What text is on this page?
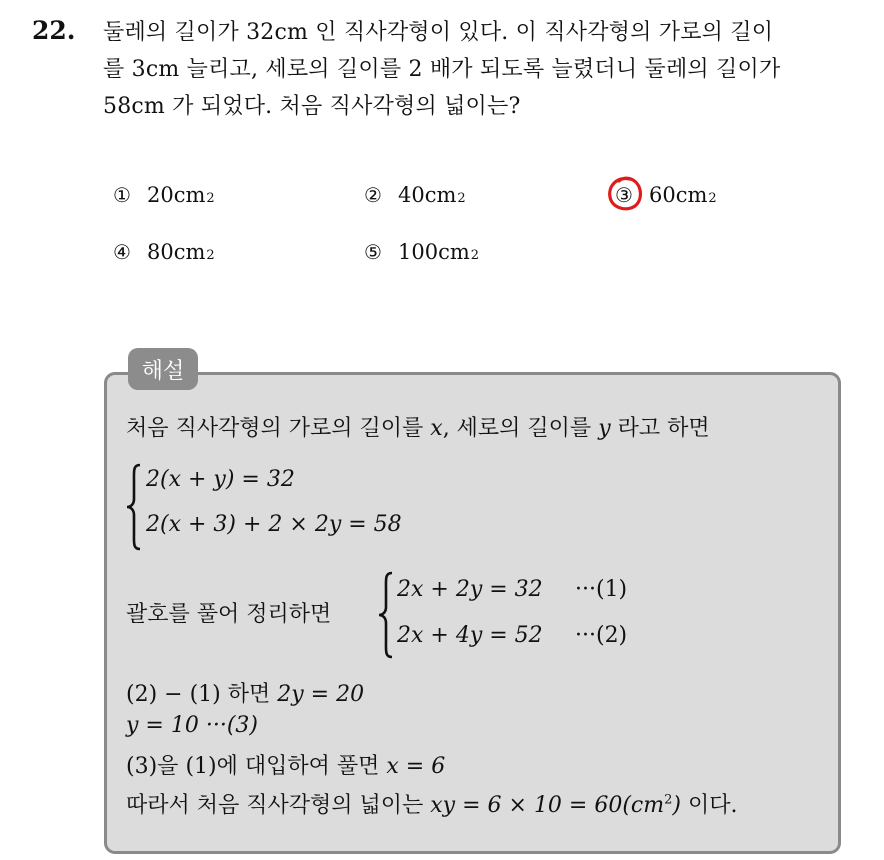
22. 둘레의 길이가 32cm 인 직사각형이 있다. 이 직사각형의 가로의 길이
를 3cm 늘리고, 세로의 길이를 2 배가 되도록 늘렸더니 둘레의 길이가
58cm 가 되었다. 처음 직사각형의 넓이는?
① 20cm 2	② 40cm 2	③ 60cm 2
④ 80cm 2	⑤ 100cm 2
해설
처음 직사각형의 가로의 길이를 x, 세로의 길이를 y 라고 하면
2(x + y) = 32
2(x + 3) + 2 × 2y = 58
괄호를 풀어 정리하면
2x + 2y = 32 ···(1)
2x + 4y = 52 ···(2)
(2) − (1) 하면 2y = 20
y = 10 ···(3)
(3)을 (1)에 대입하여 풀면 x = 6
따라서 처음 직사각형의 넓이는 xy = $6 \times 10 = 60(cm^2)$ 이다.
